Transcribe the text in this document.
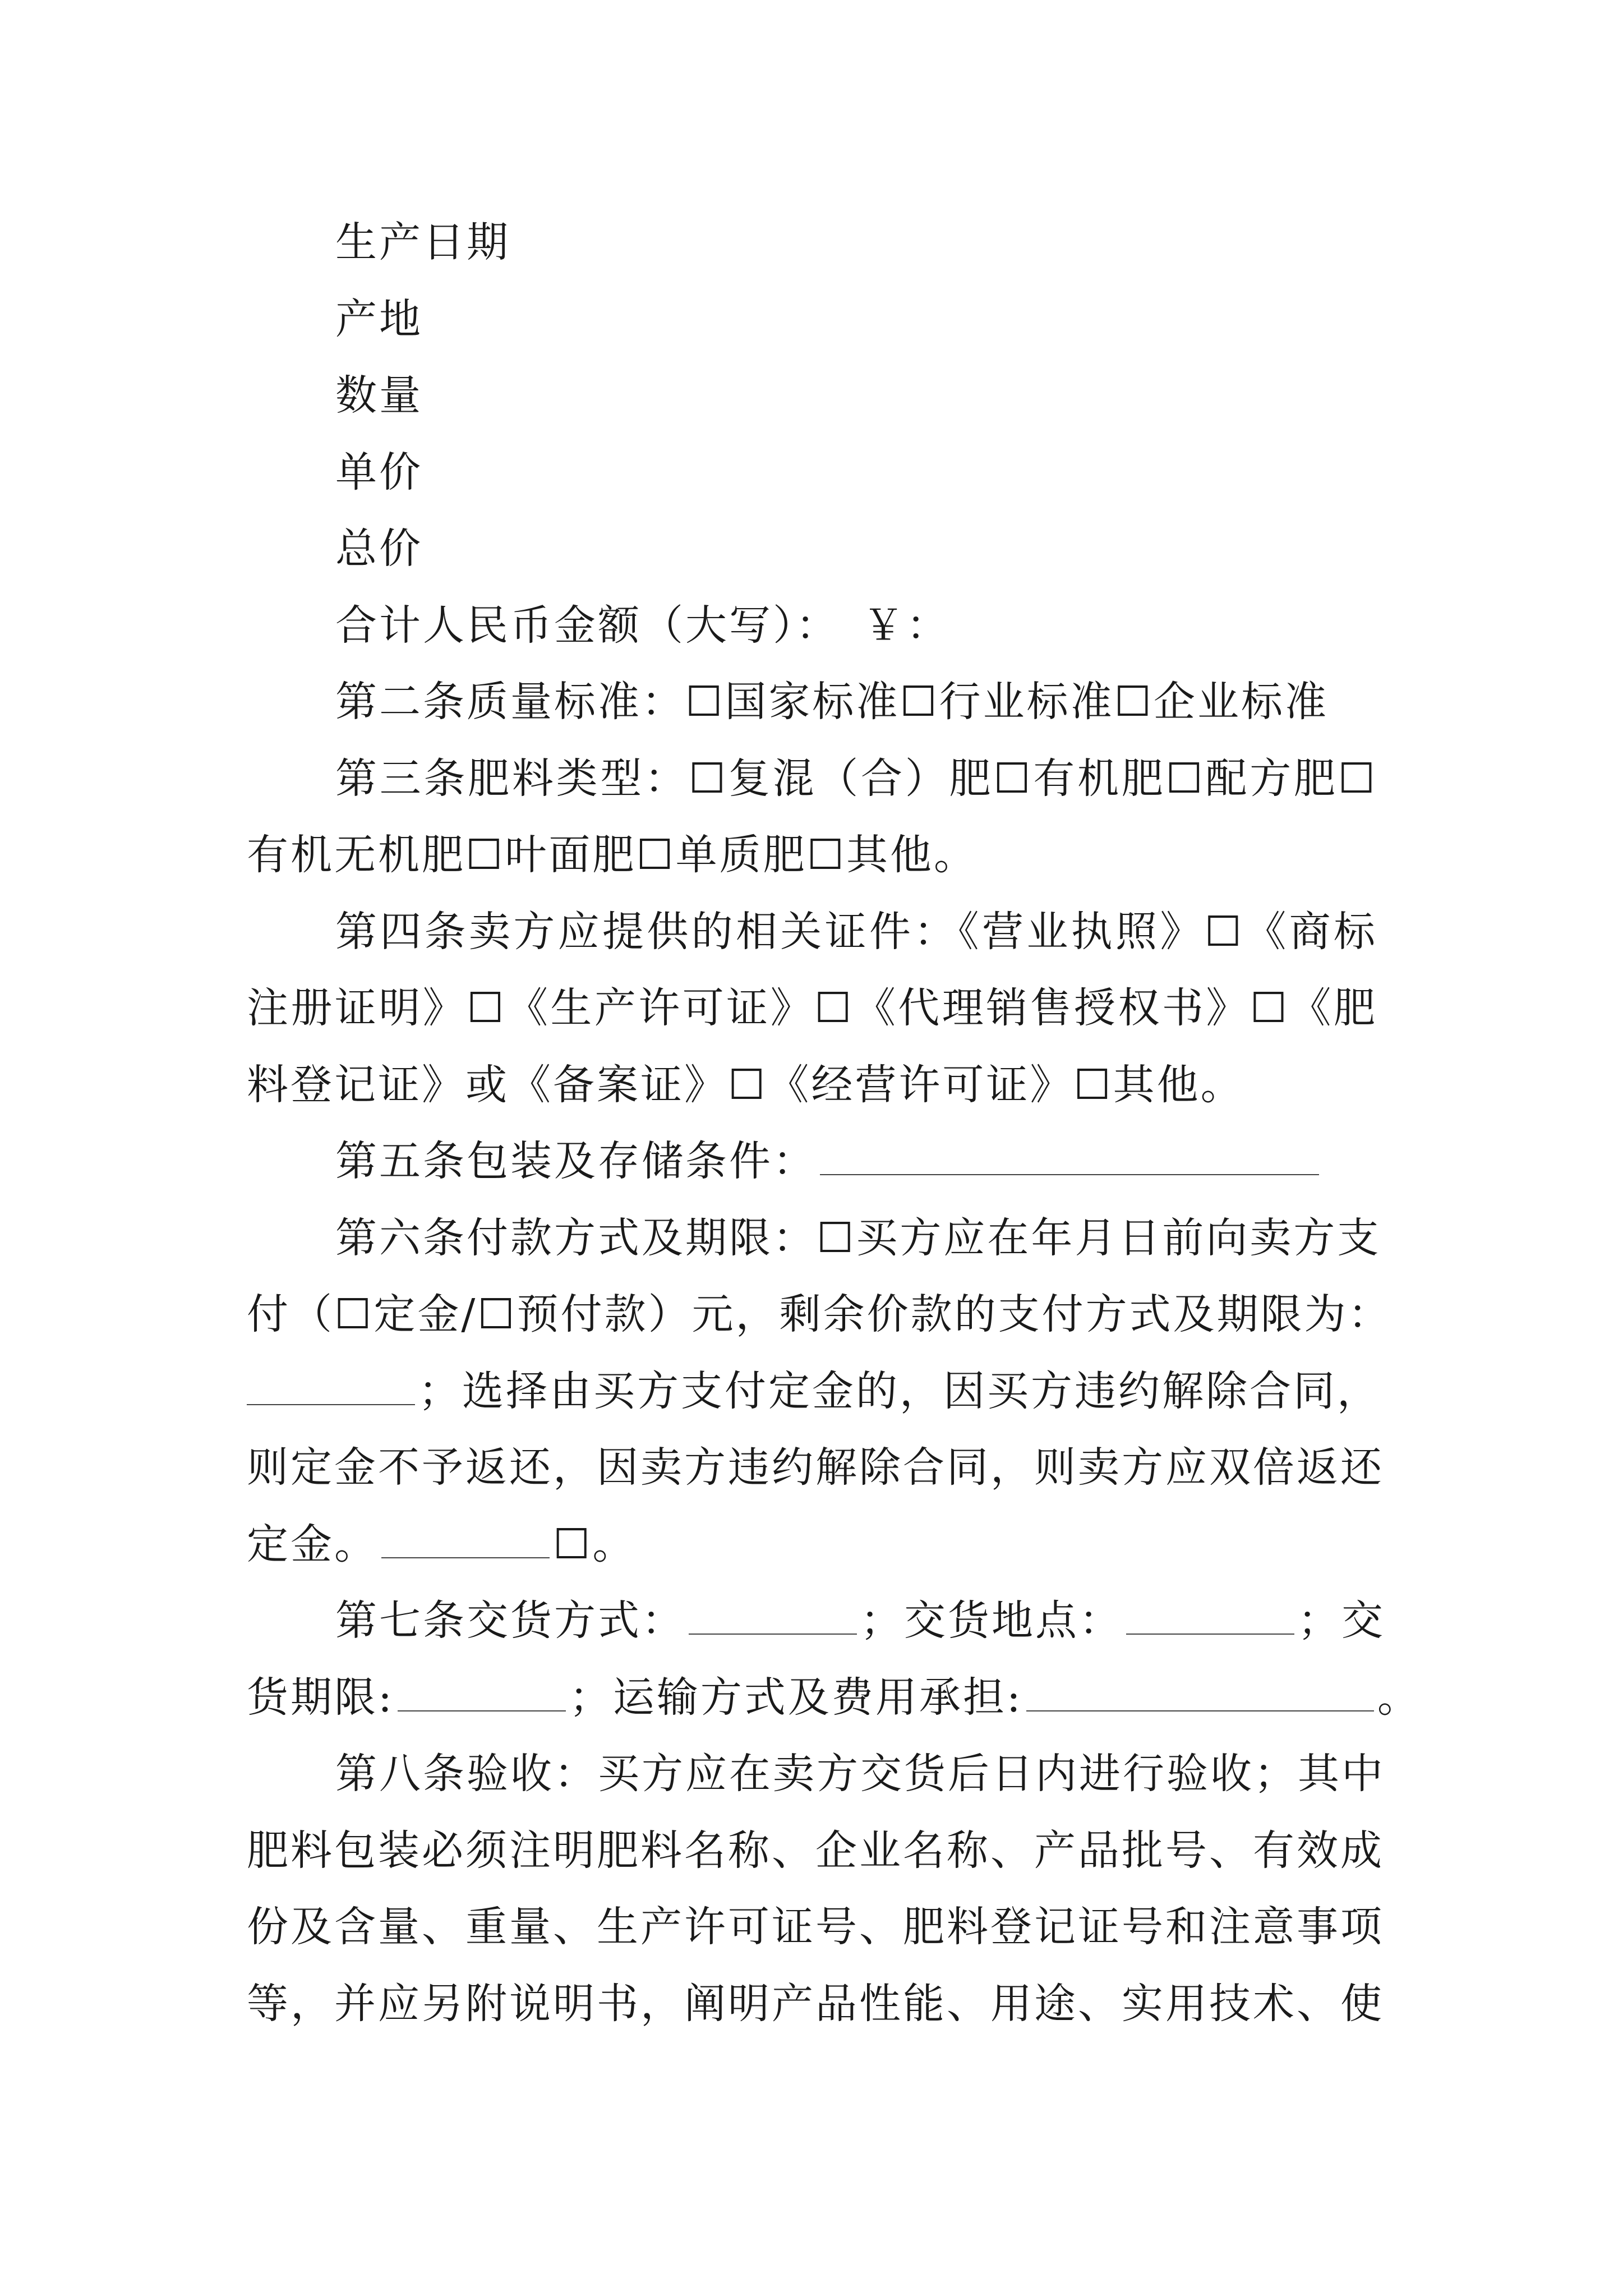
生产日期
产地
数量
单价
总价
合计人民币金额（大写）：　￥：
第二条质量标准：☐国家标准☐行业标准☐企业标准
第三条肥料类型：☐复混（合）肥☐有机肥☐配方肥☐
有机无机肥☐叶面肥☐单质肥☐其他。
第四条卖方应提供的相关证件：《营业执照》☐《商标
注册证明》☐《生产许可证》☐《代理销售授权书》☐《肥
料登记证》或《备案证》☐《经营许可证》☐其他。
第五条包装及存储条件：
第六条付款方式及期限：☐买方应在年月日前向卖方支
付（☐定金/☐预付款）元，剩余价款的支付方式及期限为：
；选择由买方支付定金的，因买方违约解除合同，
则定金不予返还，因卖方违约解除合同，则卖方应双倍返还
定金。	☐。
第七条交货方式：	；交货地点：	；交
货期限:	；运输方式及费用承担:	。
第八条验收：买方应在卖方交货后日内进行验收；其中
肥料包装必须注明肥料名称、企业名称、产品批号、有效成
份及含量、重量、生产许可证号、肥料登记证号和注意事项
等，并应另附说明书，阐明产品性能、用途、实用技术、使
